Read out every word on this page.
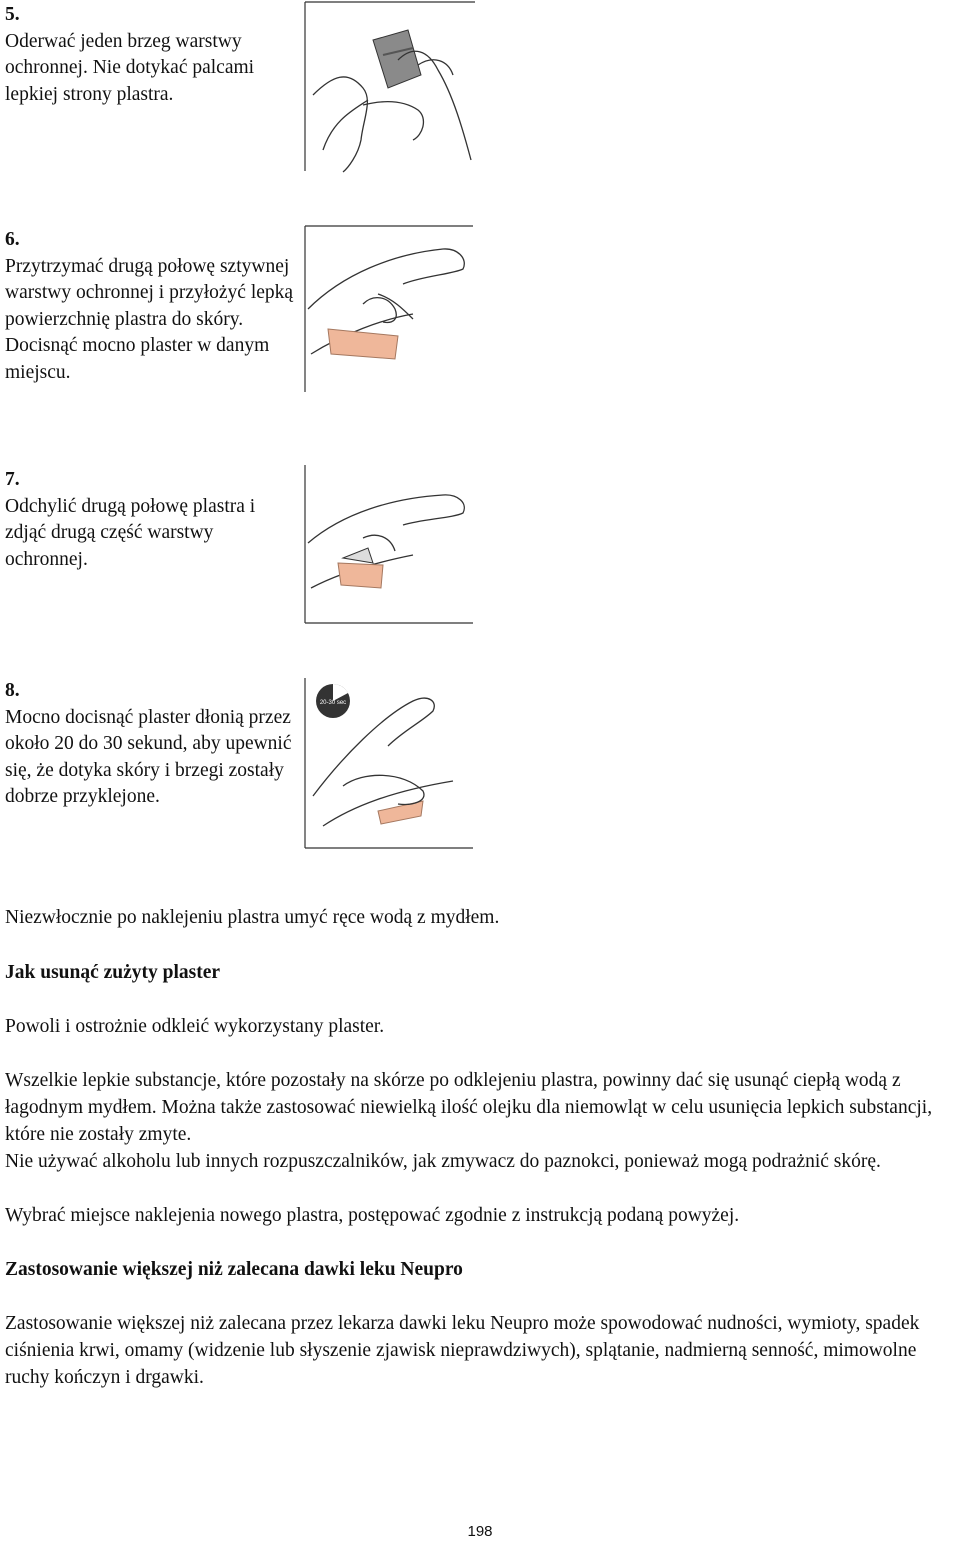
5.
Oderwać jeden brzeg warstwy ochronnej. Nie dotykać palcami lepkiej strony plastra.
6.
Przytrzymać drugą połowę sztywnej warstwy ochronnej i przyłożyć lepką powierzchnię plastra do skóry. Docisnąć mocno plaster w danym miejscu.
7.
Odchylić drugą połowę plastra i zdjąć drugą część warstwy ochronnej.
8.
Mocno docisnąć plaster dłonią przez około 20 do 30 sekund, aby upewnić się, że dotyka skóry i brzegi zostały dobrze przyklejone.
20-30 sec
Niezwłocznie po naklejeniu plastra umyć ręce wodą z mydłem.
Jak usunąć zużyty plaster
Powoli i ostrożnie odkleić wykorzystany plaster.
Wszelkie lepkie substancje, które pozostały na skórze po odklejeniu plastra, powinny dać się usunąć ciepłą wodą z łagodnym mydłem. Można także zastosować niewielką ilość olejku dla niemowląt w celu usunięcia lepkich substancji, które nie zostały zmyte.
Nie używać alkoholu lub innych rozpuszczalników, jak zmywacz do paznokci, ponieważ mogą podrażnić skórę.
Wybrać miejsce naklejenia nowego plastra, postępować zgodnie z instrukcją podaną powyżej.
Zastosowanie większej niż zalecana dawki leku Neupro
Zastosowanie większej niż zalecana przez lekarza dawki leku Neupro może spowodować nudności, wymioty, spadek ciśnienia krwi, omamy (widzenie lub słyszenie zjawisk nieprawdziwych), splątanie, nadmierną senność, mimowolne ruchy kończyn i drgawki.
198
